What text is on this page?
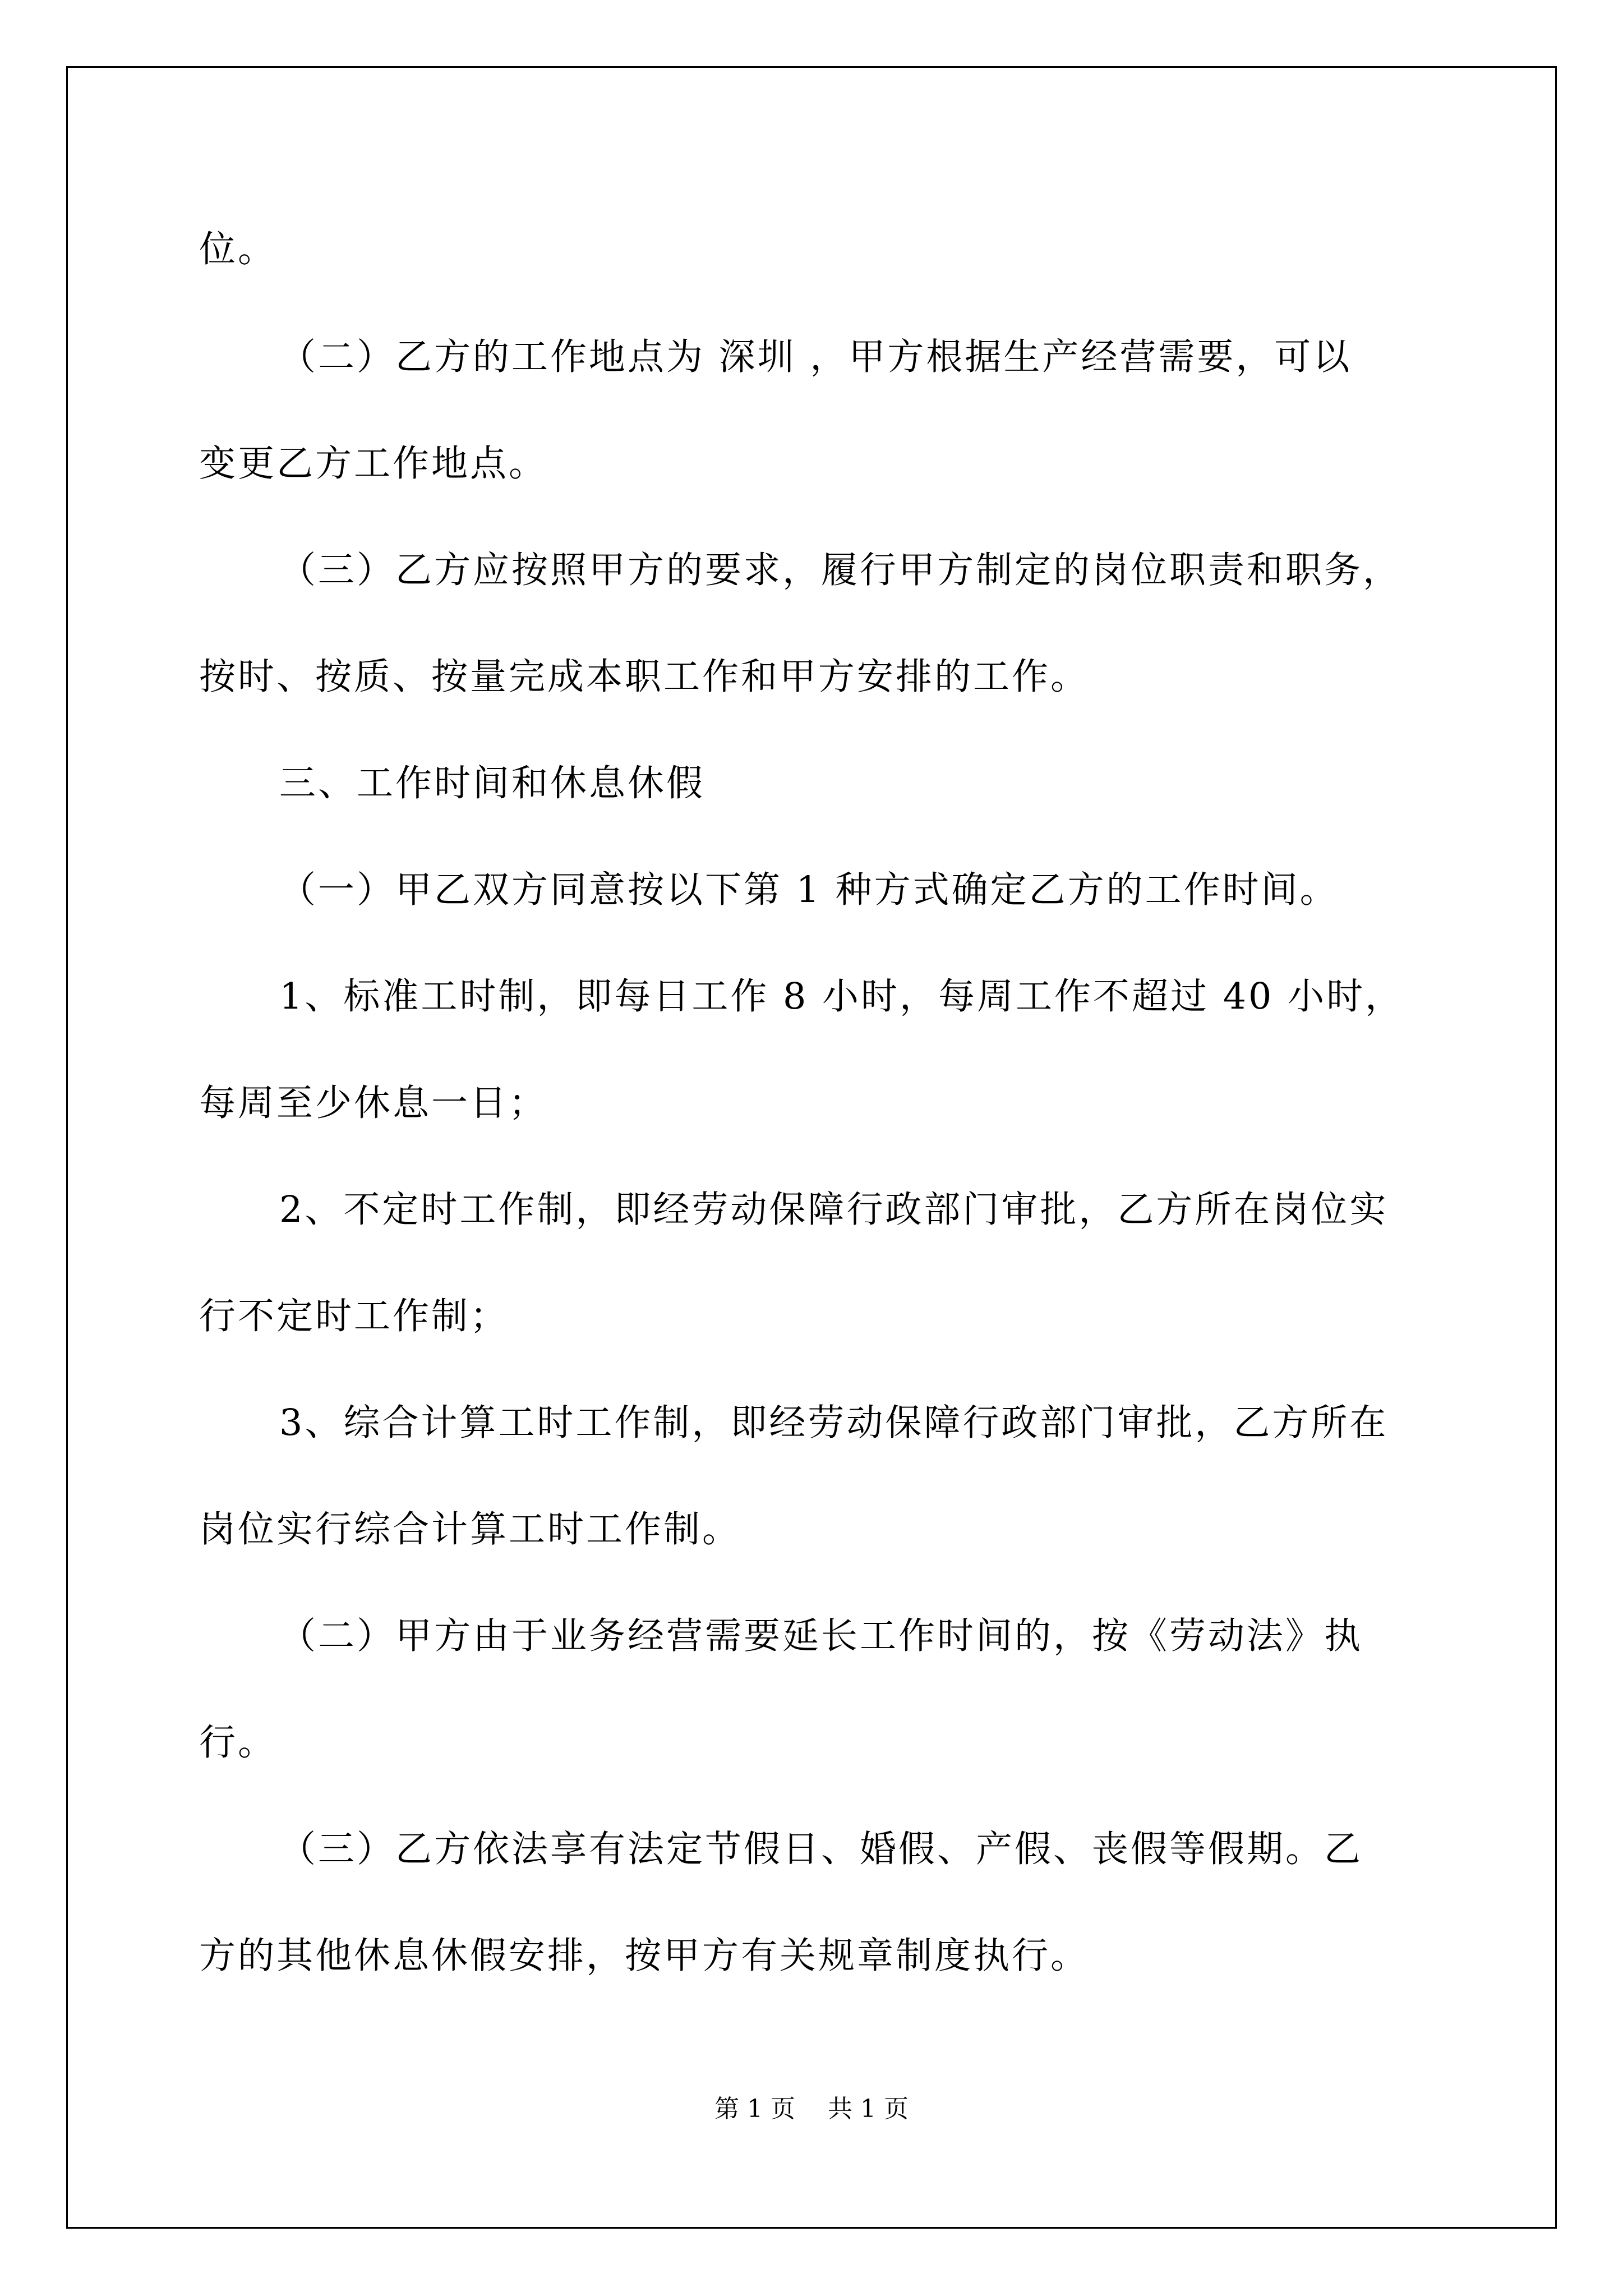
位。
（二）乙方的工作地点为 深圳 ，甲方根据生产经营需要，可以
变更乙方工作地点。
（三）乙方应按照甲方的要求，履行甲方制定的岗位职责和职务，
按时、按质、按量完成本职工作和甲方安排的工作。
三、工作时间和休息休假
（一）甲乙双方同意按以下第 1 种方式确定乙方的工作时间。
1、标准工时制，即每日工作 8 小时，每周工作不超过 40 小时，
每周至少休息一日；
2、不定时工作制，即经劳动保障行政部门审批，乙方所在岗位实
行不定时工作制；
3、综合计算工时工作制，即经劳动保障行政部门审批，乙方所在
岗位实行综合计算工时工作制。
（二）甲方由于业务经营需要延长工作时间的，按《劳动法》执
行。
（三）乙方依法享有法定节假日、婚假、产假、丧假等假期。乙
方的其他休息休假安排，按甲方有关规章制度执行。
第 1 页　 共 1 页
